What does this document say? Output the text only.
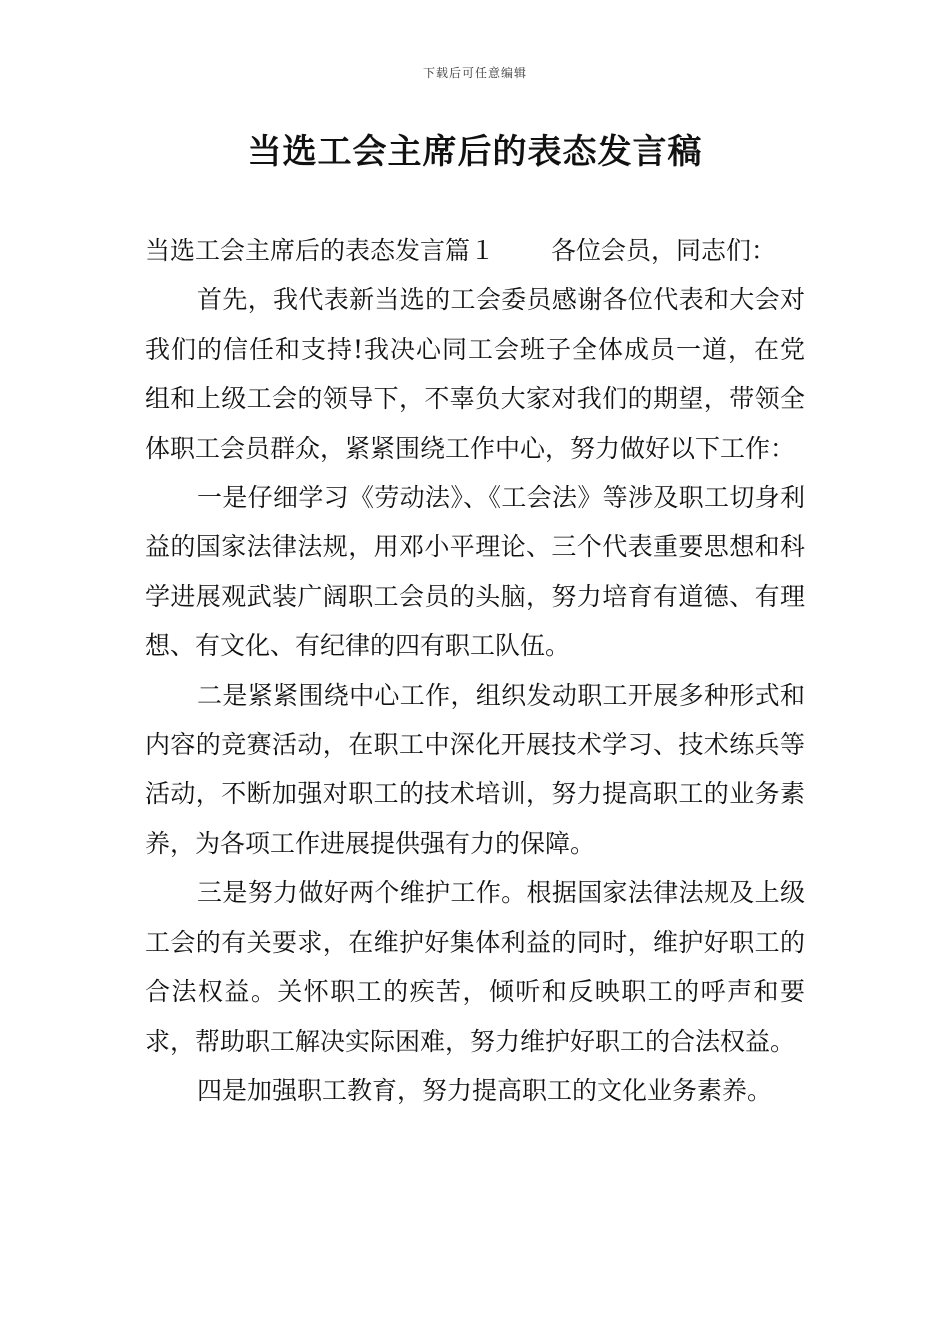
下载后可任意编辑
当选工会主席后的表态发言稿

当选工会主席后的表态发言篇１ 各位会员，同志们：

首先，我代表新当选的工会委员感谢各位代表和大会对我们的信任和支持!我决心同工会班子全体成员一道，在党组和上级工会的领导下，不辜负大家对我们的期望，带领全体职工会员群众，紧紧围绕工作中心，努力做好以下工作：

一是仔细学习《劳动法》、《工会法》等涉及职工切身利益的国家法律法规，用邓小平理论、三个代表重要思想和科学进展观武装广阔职工会员的头脑，努力培育有道德、有理想、有文化、有纪律的四有职工队伍。

二是紧紧围绕中心工作，组织发动职工开展多种形式和内容的竞赛活动，在职工中深化开展技术学习、技术练兵等活动，不断加强对职工的技术培训，努力提高职工的业务素养，为各项工作进展提供强有力的保障。

三是努力做好两个维护工作。根据国家法律法规及上级工会的有关要求，在维护好集体利益的同时，维护好职工的合法权益。关怀职工的疾苦，倾听和反映职工的呼声和要求，帮助职工解决实际困难，努力维护好职工的合法权益。

四是加强职工教育，努力提高职工的文化业务素养。
